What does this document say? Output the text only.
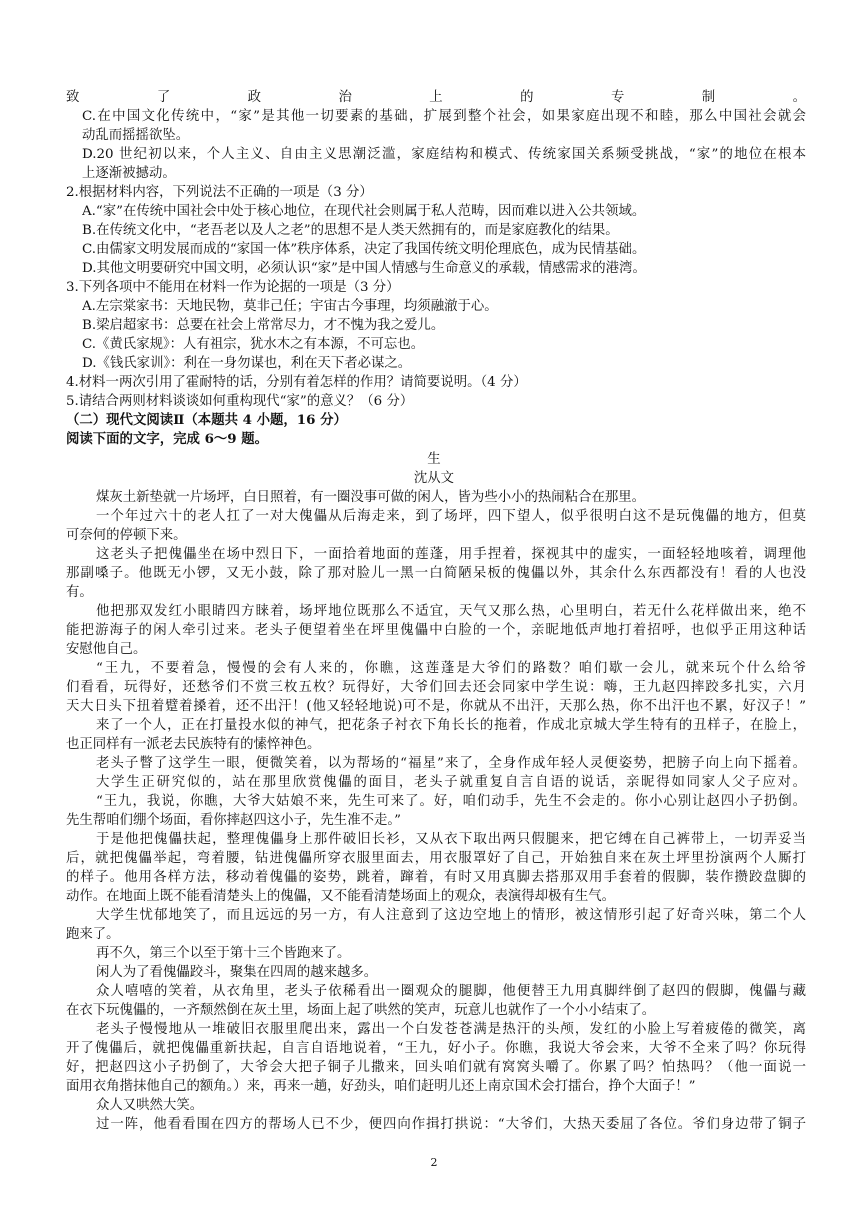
致了政治上的专制。
C.在中国文化传统中，“家”是其他一切要素的基础，扩展到整个社会，如果家庭出现不和睦，那么中国社会就会
动乱而摇摇欲坠。
D.20 世纪初以来，个人主义、自由主义思潮泛滥，家庭结构和模式、传统家国关系频受挑战，“家”的地位在根本
上逐渐被撼动。
2.根据材料内容，下列说法不正确的一项是（3 分）
A.“家”在传统中国社会中处于核心地位，在现代社会则属于私人范畴，因而难以进入公共领域。
B.在传统文化中，“老吾老以及人之老”的思想不是人类天然拥有的，而是家庭教化的结果。
C.由儒家文明发展而成的“家国一体”秩序体系，决定了我国传统文明伦理底色，成为民情基础。
D.其他文明要研究中国文明，必须认识“家”是中国人情感与生命意义的承载，情感需求的港湾。
3.下列各项中不能用在材料一作为论据的一项是（3 分）
A.左宗棠家书：天地民物，莫非己任；宇宙古今事理，均须融澈于心。
B.梁启超家书：总要在社会上常常尽力，才不愧为我之爱儿。
C.《黄氏家规》：人有祖宗，犹水木之有本源，不可忘也。
D.《钱氏家训》：利在一身勿谋也，利在天下者必谋之。
4.材料一两次引用了霍耐特的话，分别有着怎样的作用？请简要说明。（4 分）
5.请结合两则材料谈谈如何重构现代“家”的意义？（6 分）
（二）现代文阅读Ⅱ（本题共 4 小题，16 分）
阅读下面的文字，完成 6～9 题。
生
沈从文
煤灰土新垫就一片场坪，白日照着，有一圈没事可做的闲人，皆为些小小的热闹粘合在那里。
一个年过六十的老人扛了一对大傀儡从后海走来，到了场坪，四下望人，似乎很明白这不是玩傀儡的地方，但莫
可奈何的停顿下来。
这老头子把傀儡坐在场中烈日下，一面拾着地面的莲蓬，用手捏着，探视其中的虚实，一面轻轻地咳着，调理他
那副嗓子。他既无小锣，又无小鼓，除了那对脸儿一黑一白简陋呆板的傀儡以外，其余什么东西都没有！看的人也没
有。
他把那双发红小眼睛四方睐着，场坪地位既那么不适宜，天气又那么热，心里明白，若无什么花样做出来，绝不
能把游海子的闲人牵引过来。老头子便望着坐在坪里傀儡中白脸的一个，亲昵地低声地打着招呼，也似乎正用这种话
安慰他自己。
“王九，不要着急，慢慢的会有人来的，你瞧，这莲蓬是大爷们的路数？咱们歇一会儿，就来玩个什么给爷
们看看，玩得好，还愁爷们不赏三枚五枚？玩得好，大爷们回去还会同家中学生说：嗨，王九赵四摔跤多扎实，六月
天大日头下扭着躄着搡着，还不出汗！(他又轻轻地说)可不是，你就从不出汗，天那么热，你不出汗也不累，好汉子！”
来了一个人，正在打量投水似的神气，把花条子衬衣下角长长的拖着，作成北京城大学生特有的丑样子，在脸上，
也正同样有一派老去民族特有的愫悴神色。
老头子瞥了这学生一眼，便微笑着，以为帮场的“福星”来了，全身作成年轻人灵便姿势，把膀子向上向下摇着。
大学生正研究似的，站在那里欣赏傀儡的面目，老头子就重复自言自语的说话，亲昵得如同家人父子应对。
“王九，我说，你瞧，大爷大姑娘不来，先生可来了。好，咱们动手，先生不会走的。你小心别让赵四小子扔倒。
先生帮咱们绷个场面，看你摔赵四这小子，先生准不走。”
于是他把傀儡扶起，整理傀儡身上那件破旧长衫，又从衣下取出两只假腿来，把它缚在自己裤带上，一切弄妥当
后，就把傀儡举起，弯着腰，钻进傀儡所穿衣服里面去，用衣服罩好了自己，开始独自来在灰土坪里扮演两个人厮打
的样子。他用各样方法，移动着傀儡的姿势，跳着，蹿着，有时又用真脚去搭那双用手套着的假脚，装作攒跤盘脚的
动作。在地面上既不能看清楚头上的傀儡，又不能看清楚场面上的观众，表演得却极有生气。
大学生忧郁地笑了，而且远远的另一方，有人注意到了这边空地上的情形，被这情形引起了好奇兴味，第二个人
跑来了。
再不久，第三个以至于第十三个皆跑来了。
闲人为了看傀儡跤斗，聚集在四周的越来越多。
众人嘻嘻的笑着，从衣角里，老头子依稀看出一圈观众的腿脚，他便替王九用真脚绊倒了赵四的假脚，傀儡与藏
在衣下玩傀儡的，一齐颓然倒在灰土里，场面上起了哄然的笑声，玩意儿也就作了一个小小结束了。
老头子慢慢地从一堆破旧衣服里爬出来，露出一个白发苍苍满是热汗的头颅，发红的小脸上写着疲倦的微笑，离
开了傀儡后，就把傀儡重新扶起，自言自语地说着，“王九，好小子。你瞧，我说大爷会来，大爷不全来了吗？你玩得
好，把赵四这小子扔倒了，大爷会大把子铜子儿撒来，回头咱们就有窝窝头嚼了。你累了吗？怕热吗？（他一面说一
面用衣角揩抹他自己的额角。）来，再来一趟，好劲头，咱们赶明儿还上南京国术会打擂台，挣个大面子！”
众人又哄然大笑。
过一阵，他看看围在四方的帮场人已不少，便四向作揖打拱说：“大爷们，大热天委屈了各位。爷们身边带了铜子
2
